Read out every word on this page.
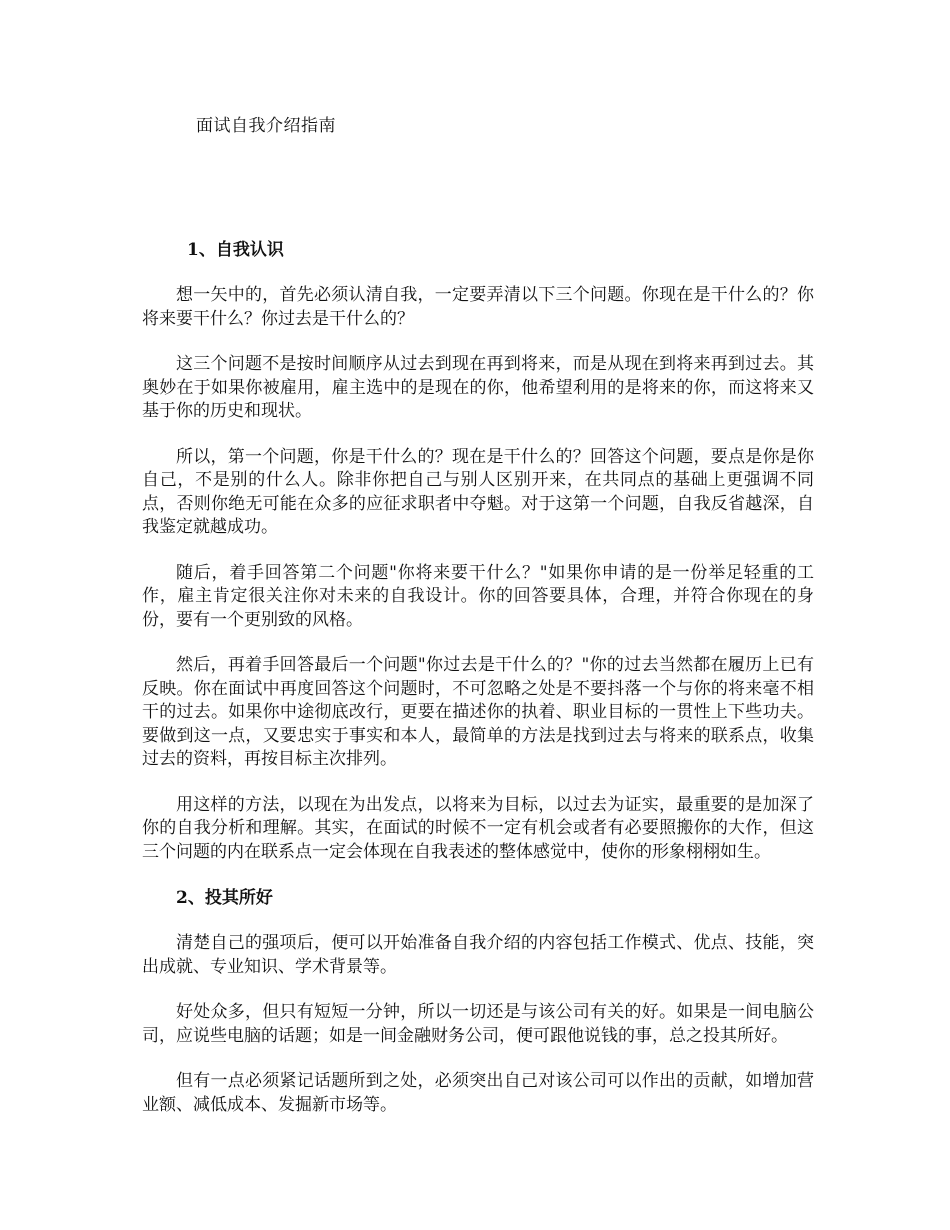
面试自我介绍指南
1、自我认识

想一矢中的，首先必须认清自我，一定要弄清以下三个问题。你现在是干什么的？你将来要干什么？你过去是干什么的？

这三个问题不是按时间顺序从过去到现在再到将来，而是从现在到将来再到过去。其奥妙在于如果你被雇用，雇主选中的是现在的你，他希望利用的是将来的你，而这将来又基于你的历史和现状。

所以，第一个问题，你是干什么的？现在是干什么的？回答这个问题，要点是你是你自己，不是别的什么人。除非你把自己与别人区别开来，在共同点的基础上更强调不同点，否则你绝无可能在众多的应征求职者中夺魁。对于这第一个问题，自我反省越深，自我鉴定就越成功。

随后，着手回答第二个问题"你将来要干什么？"如果你申请的是一份举足轻重的工作，雇主肯定很关注你对未来的自我设计。你的回答要具体，合理，并符合你现在的身份，要有一个更别致的风格。

然后，再着手回答最后一个问题"你过去是干什么的？"你的过去当然都在履历上已有反映。你在面试中再度回答这个问题时，不可忽略之处是不要抖落一个与你的将来毫不相干的过去。如果你中途彻底改行，更要在描述你的执着、职业目标的一贯性上下些功夫。要做到这一点，又要忠实于事实和本人，最简单的方法是找到过去与将来的联系点，收集过去的资料，再按目标主次排列。

用这样的方法，以现在为出发点，以将来为目标，以过去为证实，最重要的是加深了你的自我分析和理解。其实，在面试的时候不一定有机会或者有必要照搬你的大作，但这三个问题的内在联系点一定会体现在自我表述的整体感觉中，使你的形象栩栩如生。

2、投其所好

清楚自己的强项后，便可以开始准备自我介绍的内容包括工作模式、优点、技能，突出成就、专业知识、学术背景等。

好处众多，但只有短短一分钟，所以一切还是与该公司有关的好。如果是一间电脑公司，应说些电脑的话题；如是一间金融财务公司，便可跟他说钱的事，总之投其所好。

但有一点必须紧记话题所到之处，必须突出自己对该公司可以作出的贡献，如增加营业额、减低成本、发掘新市场等。
